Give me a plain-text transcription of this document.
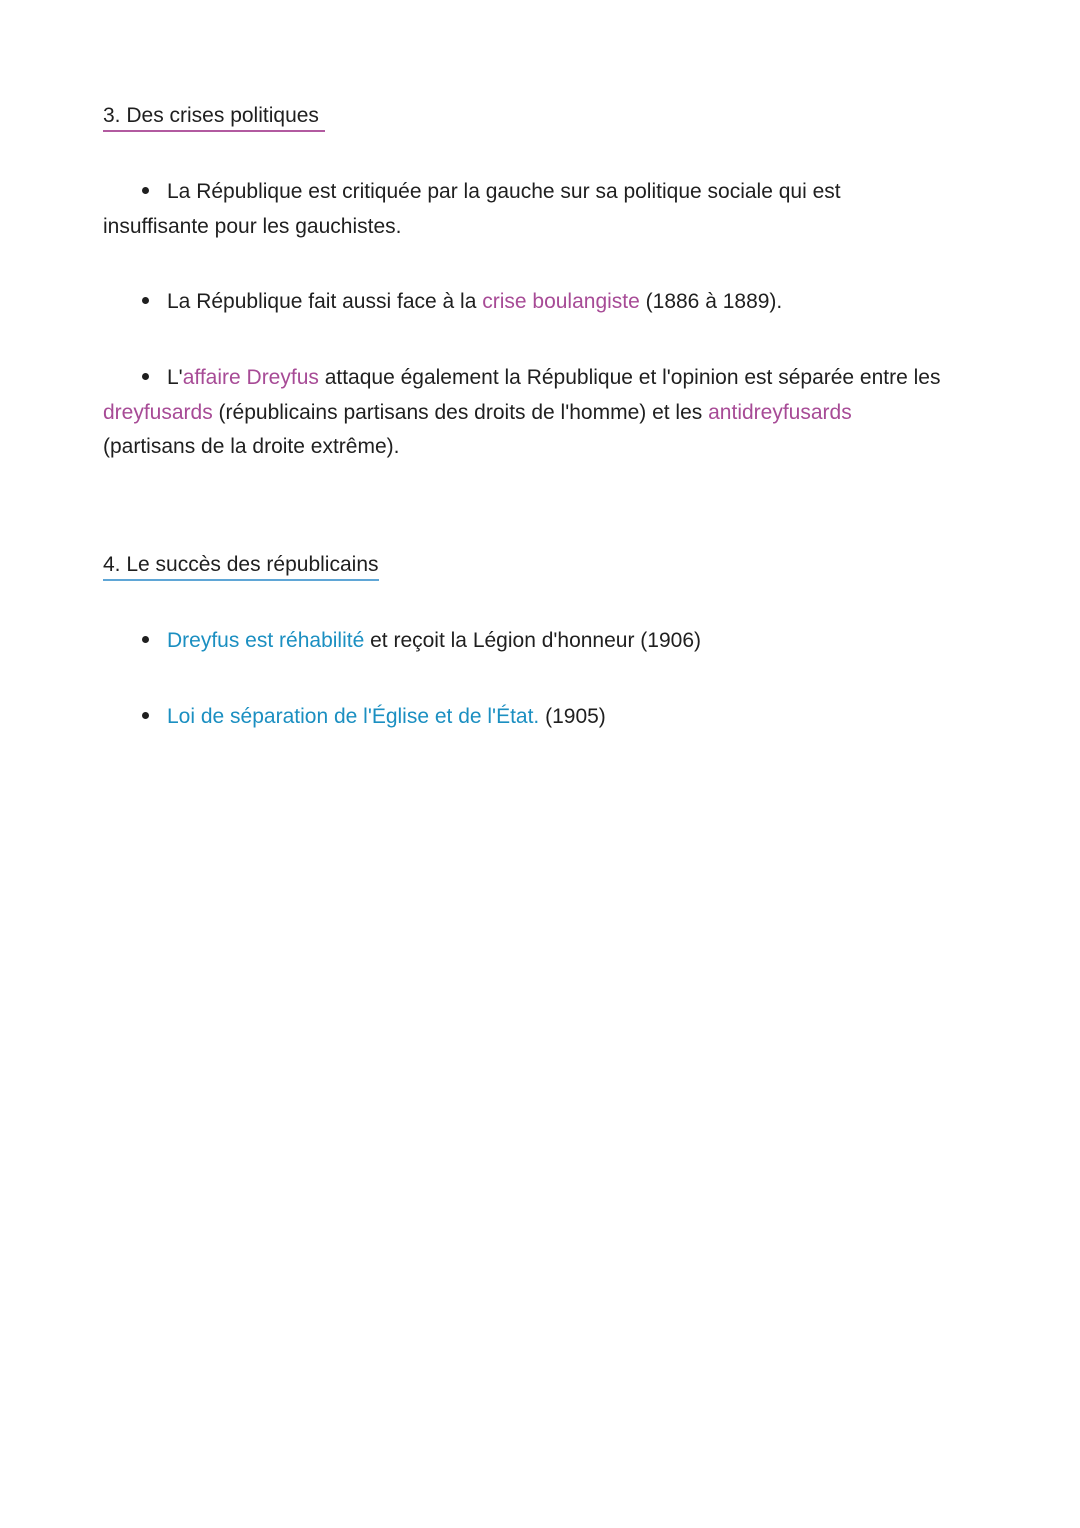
3. Des crises politiques
La République est critiquée par la gauche sur sa politique sociale qui est
insuffisante pour les gauchistes.
La République fait aussi face à la crise boulangiste (1886 à 1889).
L'affaire Dreyfus attaque également la République et l'opinion est séparée entre les
dreyfusards (républicains partisans des droits de l'homme) et les antidreyfusards
(partisans de la droite extrême).
4. Le succès des républicains
Dreyfus est réhabilité et reçoit la Légion d'honneur (1906)
Loi de séparation de l'Église et de l'État. (1905)
